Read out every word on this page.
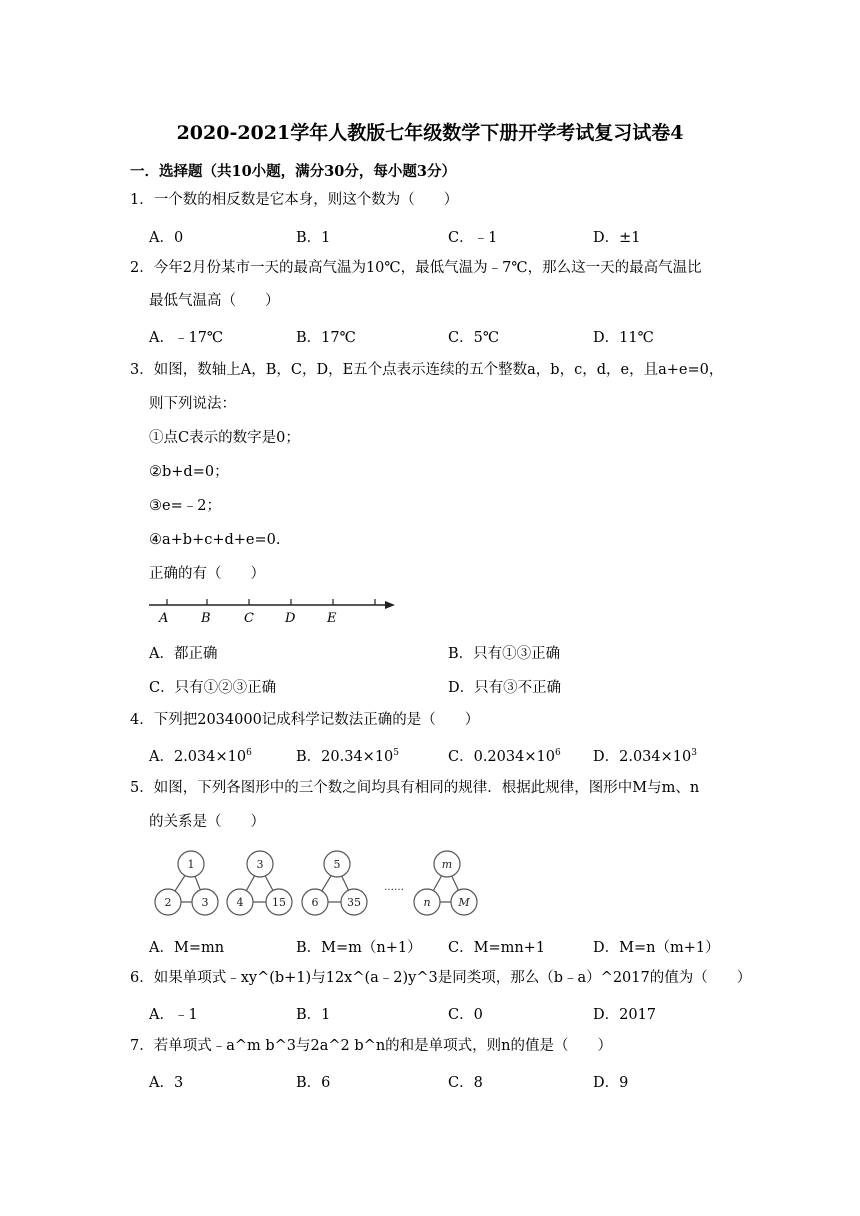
2020-2021学年人教版七年级数学下册开学考试复习试卷4
一．选择题（共10小题，满分30分，每小题3分）
1．一个数的相反数是它本身，则这个数为（　　）
A．0	B．1	C．﹣1	D．±1
2．今年2月份某市一天的最高气温为10℃，最低气温为﹣7℃，那么这一天的最高气温比
最低气温高（　　）
A．﹣17℃	B．17℃	C．5℃	D．11℃
3．如图，数轴上A，B，C，D，E五个点表示连续的五个整数a，b，c，d，e，且a+e=0，
则下列说法：
①点C表示的数字是0；
②b+d=0；
③e=﹣2；
④a+b+c+d+e=0.
正确的有（　　）
A	B	C D E
A．都正确	B．只有①③正确
C．只有①②③正确	D．只有③不正确
4．下列把2034000记成科学记数法正确的是（　　）
A．$2.034\times 10^6$	B．$20.34\times 10^5$	C．$0.2034\times 10^6$ D．$2.034\times 10^3$
5．如图，下列各图形中的三个数之间均具有相同的规律．根据此规律，图形中M与m、n
的关系是（　　）
1
2	3
3
4	15
5
6	35
m
n	M
……
A．M=mn	B．M=m（n+1） C．M=mn+1	D．M=n（m+1）
6．如果单项式﹣xy^(b+1)与12x^(a﹣2)y^3是同类项，那么（b﹣a）^2017的值为（　　）
A．﹣1	B．1	C．0	D．2017
7．若单项式﹣a^m b^3与2a^2 b^n的和是单项式，则n的值是（　　）
A．3	B．6	C．8	D．9
